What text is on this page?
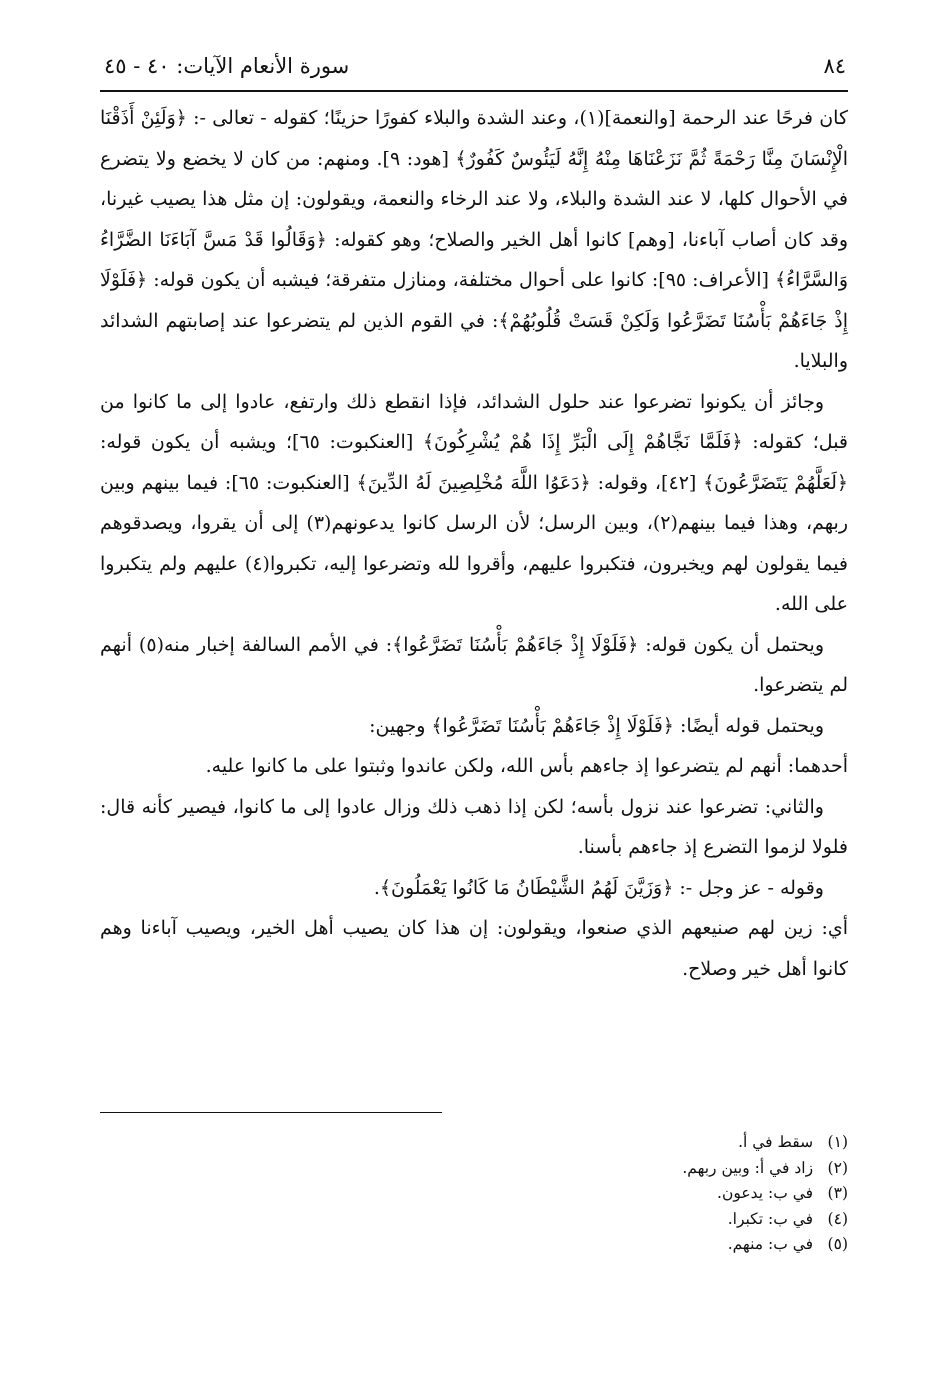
٨٤
سورة الأنعام الآيات: ٤٠ - ٤٥

كان فرحًا عند الرحمة [والنعمة](١)، وعند الشدة والبلاء كفورًا حزينًا؛ كقوله - تعالى -: ﴿وَلَئِنْ أَذَقْنَا الْإِنْسَانَ مِنَّا رَحْمَةً ثُمَّ نَزَعْنَاهَا مِنْهُ إِنَّهُ لَيَئُوسٌ كَفُورٌ﴾ [هود: ٩]. ومنهم: من كان لا يخضع ولا يتضرع في الأحوال كلها، لا عند الشدة والبلاء، ولا عند الرخاء والنعمة، ويقولون: إن مثل هذا يصيب غيرنا، وقد كان أصاب آباءنا، [وهم] كانوا أهل الخير والصلاح؛ وهو كقوله: ﴿وَقَالُوا قَدْ مَسَّ آبَاءَنَا الضَّرَّاءُ وَالسَّرَّاءُ﴾ [الأعراف: ٩٥]: كانوا على أحوال مختلفة، ومنازل متفرقة؛ فيشبه أن يكون قوله: ﴿فَلَوْلَا إِذْ جَاءَهُمْ بَأْسُنَا تَضَرَّعُوا وَلَكِنْ قَسَتْ قُلُوبُهُمْ﴾: في القوم الذين لم يتضرعوا عند إصابتهم الشدائد والبلايا.

وجائز أن يكونوا تضرعوا عند حلول الشدائد، فإذا انقطع ذلك وارتفع، عادوا إلى ما كانوا من قبل؛ كقوله: ﴿فَلَمَّا نَجَّاهُمْ إِلَى الْبَرِّ إِذَا هُمْ يُشْرِكُونَ﴾ [العنكبوت: ٦٥]؛ ويشبه أن يكون قوله: ﴿لَعَلَّهُمْ يَتَضَرَّعُونَ﴾ [٤٢]، وقوله: ﴿دَعَوُا اللَّهَ مُخْلِصِينَ لَهُ الدِّينَ﴾ [العنكبوت: ٦٥]: فيما بينهم وبين ربهم، وهذا فيما بينهم(٢)، وبين الرسل؛ لأن الرسل كانوا يدعونهم(٣) إلى أن يقروا، ويصدقوهم فيما يقولون لهم ويخبرون، فتكبروا عليهم، وأقروا لله وتضرعوا إليه، تكبروا(٤) عليهم ولم يتكبروا على الله.

ويحتمل أن يكون قوله: ﴿فَلَوْلَا إِذْ جَاءَهُمْ بَأْسُنَا تَضَرَّعُوا﴾: في الأمم السالفة إخبار منه(٥) أنهم لم يتضرعوا.

ويحتمل قوله أيضًا: ﴿فَلَوْلَا إِذْ جَاءَهُمْ بَأْسُنَا تَضَرَّعُوا﴾ وجهين:

أحدهما: أنهم لم يتضرعوا إذ جاءهم بأس الله، ولكن عاندوا وثبتوا على ما كانوا عليه.

والثاني: تضرعوا عند نزول بأسه؛ لكن إذا ذهب ذلك وزال عادوا إلى ما كانوا، فيصير كأنه قال: فلولا لزموا التضرع إذ جاءهم بأسنا.

وقوله - عز وجل -: ﴿وَزَيَّنَ لَهُمُ الشَّيْطَانُ مَا كَانُوا يَعْمَلُونَ﴾.

أي: زين لهم صنيعهم الذي صنعوا، ويقولون: إن هذا كان يصيب أهل الخير، ويصيب آباءنا وهم كانوا أهل خير وصلاح.

(١) سقط في أ.
(٢) زاد في أ: وبين ربهم.
(٣) في ب: يدعون.
(٤) في ب: تكبرا.
(٥) في ب: منهم.
